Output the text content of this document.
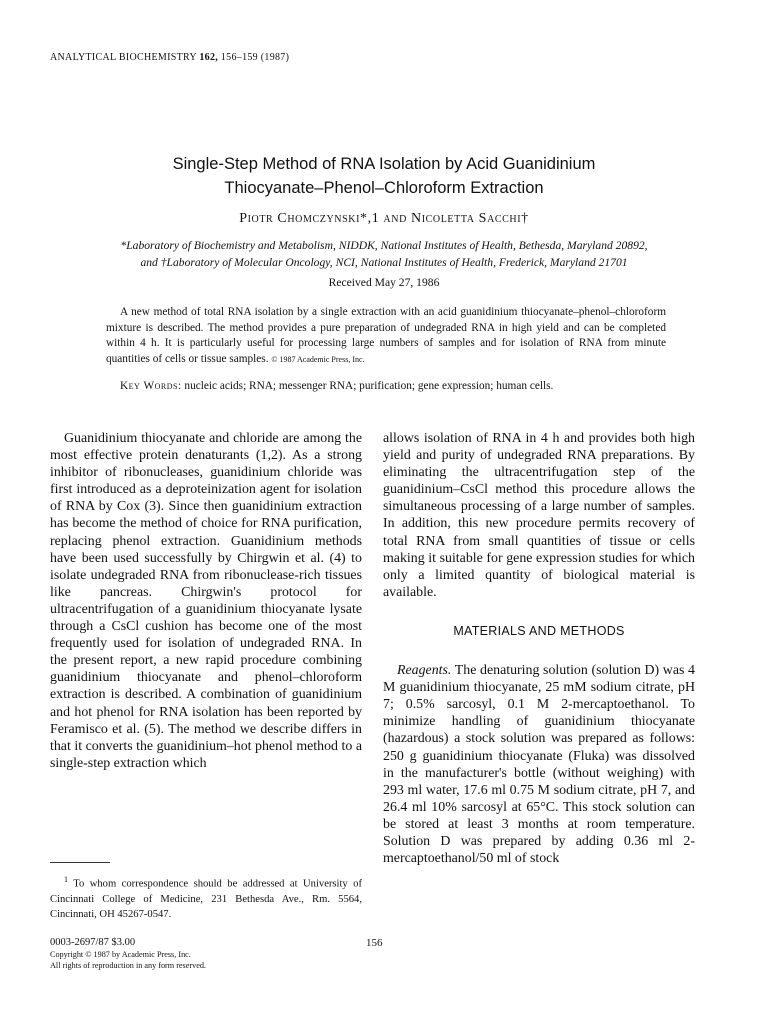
ANALYTICAL BIOCHEMISTRY 162, 156–159 (1987)
Single-Step Method of RNA Isolation by Acid Guanidinium
Thiocyanate–Phenol–Chloroform Extraction
Piotr Chomczynski*,1 and Nicoletta Sacchi†
*Laboratory of Biochemistry and Metabolism, NIDDK, National Institutes of Health, Bethesda, Maryland 20892,
and †Laboratory of Molecular Oncology, NCI, National Institutes of Health, Frederick, Maryland 21701
Received May 27, 1986
A new method of total RNA isolation by a single extraction with an acid guanidinium thiocyanate–phenol–chloroform mixture is described. The method provides a pure preparation of undegraded RNA in high yield and can be completed within 4 h. It is particularly useful for processing large numbers of samples and for isolation of RNA from minute quantities of cells or tissue samples. © 1987 Academic Press, Inc.
Key Words: nucleic acids; RNA; messenger RNA; purification; gene expression; human cells.

Guanidinium thiocyanate and chloride are among the most effective protein denaturants (1,2). As a strong inhibitor of ribonucleases, guanidinium chloride was first introduced as a deproteinization agent for isolation of RNA by Cox (3). Since then guanidinium extraction has become the method of choice for RNA purification, replacing phenol extraction. Guanidinium methods have been used successfully by Chirgwin et al. (4) to isolate undegraded RNA from ribonuclease-rich tissues like pancreas. Chirgwin's protocol for ultracentrifugation of a guanidinium thiocyanate lysate through a CsCl cushion has become one of the most frequently used for isolation of undegraded RNA. In the present report, a new rapid procedure combining guanidinium thiocyanate and phenol–chloroform extraction is described. A combination of guanidinium and hot phenol for RNA isolation has been reported by Feramisco et al. (5). The method we describe differs in that it converts the guanidinium–hot phenol method to a single-step extraction which

allows isolation of RNA in 4 h and provides both high yield and purity of undegraded RNA preparations. By eliminating the ultracentrifugation step of the guanidinium–CsCl method this procedure allows the simultaneous processing of a large number of samples. In addition, this new procedure permits recovery of total RNA from small quantities of tissue or cells making it suitable for gene expression studies for which only a limited quantity of biological material is available.

MATERIALS AND METHODS

Reagents. The denaturing solution (solution D) was 4 M guanidinium thiocyanate, 25 mM sodium citrate, pH 7; 0.5% sarcosyl, 0.1 M 2-mercaptoethanol. To minimize handling of guanidinium thiocyanate (hazardous) a stock solution was prepared as follows: 250 g guanidinium thiocyanate (Fluka) was dissolved in the manufacturer's bottle (without weighing) with 293 ml water, 17.6 ml 0.75 M sodium citrate, pH 7, and 26.4 ml 10% sarcosyl at 65°C. This stock solution can be stored at least 3 months at room temperature. Solution D was prepared by adding 0.36 ml 2-mercaptoethanol/50 ml of stock

$^1$ To whom correspondence should be addressed at University of Cincinnati College of Medicine, 231 Bethesda Ave., Rm. 5564, Cincinnati, OH 45267-0547.
0003-2697/87 $3.00
Copyright © 1987 by Academic Press, Inc.
All rights of reproduction in any form reserved.
156
